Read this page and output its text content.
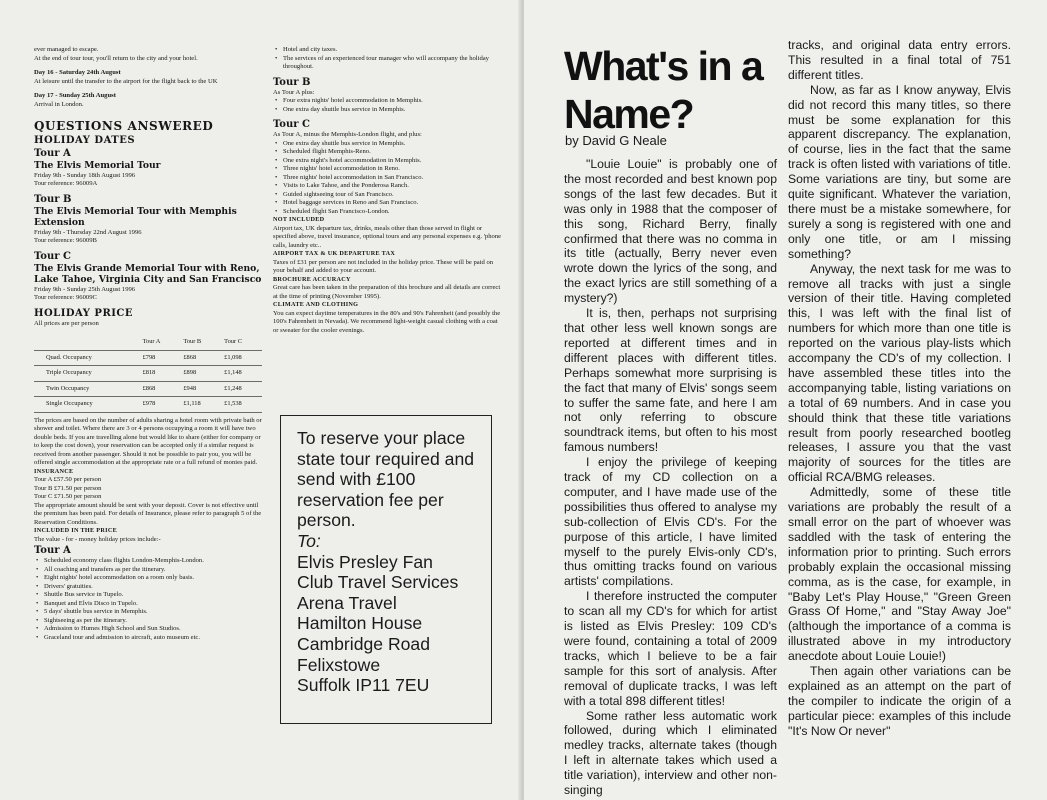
ever managed to escape.

At the end of tour tour, you'll return to the city and your hotel.

Day 16 - Saturday 24th August

At leisure until the transfer to the airport for the flight back to the UK

Day 17 - Sunday 25th August

Arrival in London.

QUESTIONS ANSWERED
HOLIDAY DATES
Tour A
The Elvis Memorial Tour

Friday 9th - Sunday 18th August 1996

Tour reference: 96009A

Tour B
The Elvis Memorial Tour with Memphis Extension

Friday 9th - Thursday 22nd August 1996

Tour reference: 96009B

Tour C
The Elvis Grande Memorial Tour with Reno, Lake Tahoe, Virginia City and San Francisco

Friday 9th - Sunday 25th August 1996

Tour reference: 96009C

HOLIDAY PRICE

All prices are per person

	Tour A	Tour B	Tour C
Quad. Occupancy	£798	£868	£1,098
Triple Occupancy	£818	£898	£1,148
Twin Occupancy	£868	£948	£1,248
Single Occupancy	£978	£1,118	£1,538

The prices are based on the number of adults sharing a hotel room with private bath or shower and toilet. Where there are 3 or 4 persons occupying a room it will have two double beds. If you are travelling alone but would like to share (either for company or to keep the cost down), your reservation can be accepted only if a similar request is received from another passenger. Should it not be possible to pair you, you will be offered single accommodation at the appropriate rate or a full refund of monies paid.

INSURANCE

Tour A £57.50 per person

Tour B £71.50 per person

Tour C £71.50 per person

The appropriate amount should be sent with your deposit. Cover is not effective until the premium has been paid. For details of Insurance, please refer to paragraph 5 of the Reservation Conditions.

INCLUDED IN THE PRICE

The value - for - money holiday prices include:-

Tour A

• Scheduled economy class flights London-Memphis-London.

• All coaching and transfers as per the itinerary.

• Eight nights' hotel accommodation on a room only basis.

• Drivers' gratuities.

• Shuttle Bus service in Tupelo.

• Banquet and Elvis Disco in Tupelo.

• 5 days' shuttle bus service in Memphis.

• Sightseeing as per the itinerary.

• Admission to Humes High School and Sun Studios.

• Graceland tour and admission to aircraft, auto museum etc.

• Hotel and city taxes.

• The services of an experienced tour manager who will accompany the holiday throughout.

Tour B

As Tour A plus:

• Four extra nights' hotel accommodation in Memphis.

• One extra day shuttle bus service in Memphis.

Tour C

As Tour A, minus the Memphis-London flight, and plus:

• One extra day shuttle bus service in Memphis.

• Scheduled flight Memphis-Reno.

• One extra night's hotel accommodation in Memphis.

• Three nights' hotel accommodation in Reno.

• Three nights' hotel accommodation in San Francisco.

• Visits to Lake Tahoe, and the Ponderosa Ranch.

• Guided sightseeing tour of San Francisco.

• Hotel baggage services in Reno and San Francisco.

• Scheduled flight San Francisco-London.

NOT INCLUDED

Airport tax, UK departure tax, drinks, meals other than those served in flight or specified above, travel insurance, optional tours and any personal expenses e.g. 'phone calls, laundry etc..

AIRPORT TAX & UK DEPARTURE TAX

Taxes of £31 per person are not included in the holiday price. These will be paid on your behalf and added to your account.

BROCHURE ACCURACY

Great care has been taken in the preparation of this brochure and all details are correct at the time of printing (November 1995).

CLIMATE AND CLOTHING

You can expect daytime temperatures in the 80's and 90's Fahrenheit (and possibly the 100's Fahrenheit in Nevada). We recommend light-weight casual clothing with a coat or sweater for the cooler evenings.

To reserve your place state tour required and send with £100 reservation fee per person.
To:
Elvis Presley Fan
Club Travel Services
Arena Travel
Hamilton House
Cambridge Road
Felixstowe
Suffolk IP11 7EU
What's in a Name?
by David G Neale

"Louie Louie" is probably one of the most recorded and best known pop songs of the last few decades. But it was only in 1988 that the composer of this song, Richard Berry, finally confirmed that there was no comma in its title (actually, Berry never even wrote down the lyrics of the song, and the exact lyrics are still something of a mystery?)

It is, then, perhaps not surprising that other less well known songs are reported at different times and in different places with different titles. Perhaps somewhat more surprising is the fact that many of Elvis' songs seem to suffer the same fate, and here I am not only referring to obscure soundtrack items, but often to his most famous numbers!

I enjoy the privilege of keeping track of my CD collection on a computer, and I have made use of the possibilities thus offered to analyse my sub-collection of Elvis CD's. For the purpose of this article, I have limited myself to the purely Elvis-only CD's, thus omitting tracks found on various artists' compilations.

I therefore instructed the computer to scan all my CD's for which for artist is listed as Elvis Presley: 109 CD's were found, containing a total of 2009 tracks, which I believe to be a fair sample for this sort of analysis. After removal of duplicate tracks, I was left with a total 898 different titles!

Some rather less automatic work followed, during which I eliminated medley tracks, alternate takes (though I left in alternate takes which used a title variation), interview and other non-singing

tracks, and original data entry errors. This resulted in a final total of 751 different titles.

Now, as far as I know anyway, Elvis did not record this many titles, so there must be some explanation for this apparent discrepancy. The explanation, of course, lies in the fact that the same track is often listed with variations of title. Some variations are tiny, but some are quite significant. Whatever the variation, there must be a mistake somewhere, for surely a song is registered with one and only one title, or am I missing something?

Anyway, the next task for me was to remove all tracks with just a single version of their title. Having completed this, I was left with the final list of numbers for which more than one title is reported on the various play-lists which accompany the CD's of my collection. I have assembled these titles into the accompanying table, listing variations on a total of 69 numbers. And in case you should think that these title variations result from poorly researched bootleg releases, I assure you that the vast majority of sources for the titles are official RCA/BMG releases.

Admittedly, some of these title variations are probably the result of a small error on the part of whoever was saddled with the task of entering the information prior to printing. Such errors probably explain the occasional missing comma, as is the case, for example, in "Baby Let's Play House," "Green Green Grass Of Home," and "Stay Away Joe" (although the importance of a comma is illustrated above in my introductory anecdote about Louie Louie!)

Then again other variations can be explained as an attempt on the part of the compiler to indicate the origin of a particular piece: examples of this include "It's Now Or never"
